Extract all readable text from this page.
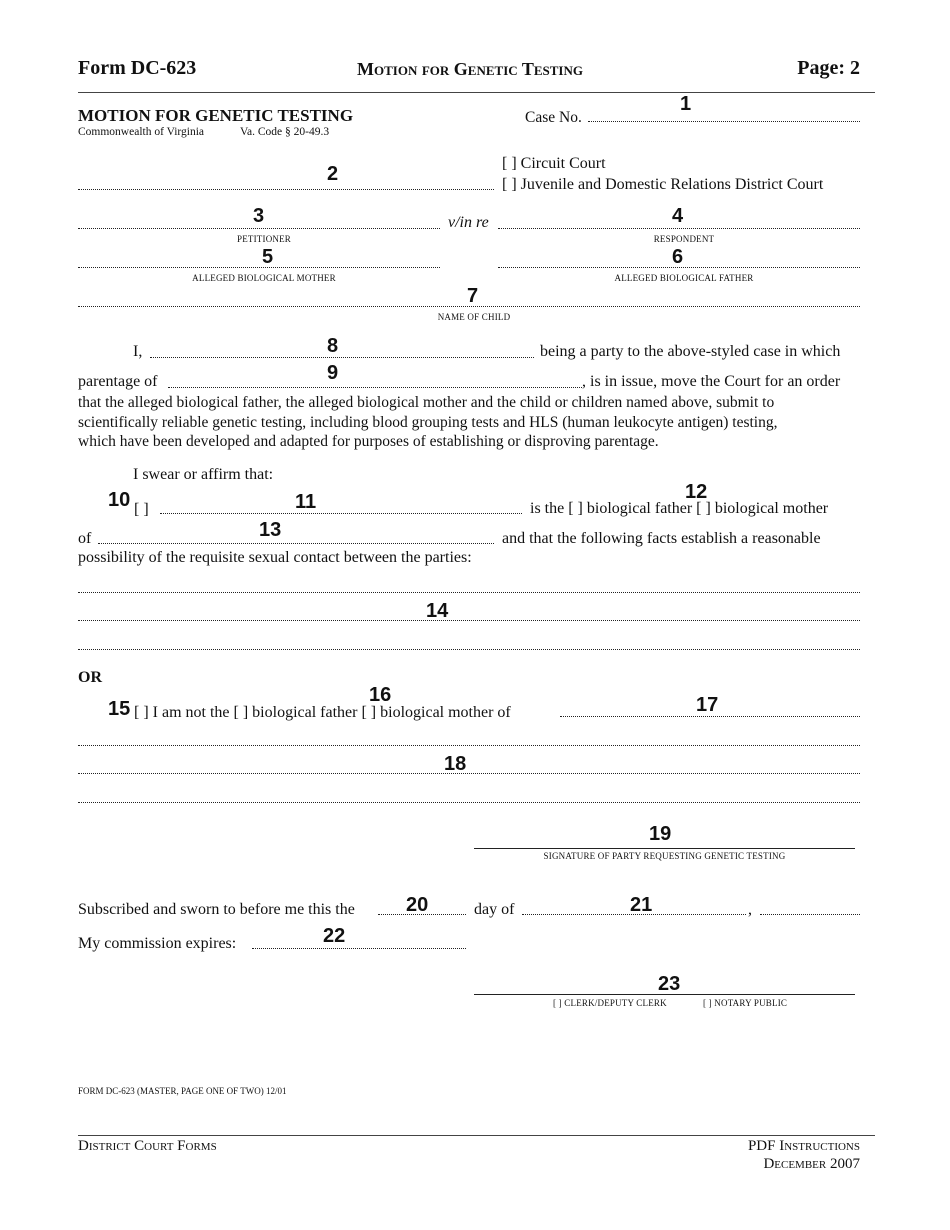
Form DC-623	Motion for Genetic Testing	Page: 2
MOTION FOR GENETIC TESTING
Commonwealth of Virginia	Va. Code § 20-49.3
Case No.
1
2	[ ] Circuit Court
[ ] Juvenile and Domestic Relations District Court
3
PETITIONER
v/in re	4
RESPONDENT
5
ALLEGED BIOLOGICAL MOTHER
6
ALLEGED BIOLOGICAL FATHER
7
NAME OF CHILD
I,	8	being a party to the above-styled case in which
parentage of	9	, is in issue, move the Court for an order
that the alleged biological father, the alleged biological mother and the child or children named above, submit to
scientifically reliable genetic testing, including blood grouping tests and HLS (human leukocyte antigen) testing,
which have been developed and adapted for purposes of establishing or disproving parentage.
I swear or affirm that:
10 [ ]	11	is the [ ] biological father [ ] biological mother
12
of	13	and that the following facts establish a reasonable
possibility of the requisite sexual contact between the parties:
14
OR
15
16
[ ] I am not the [ ] biological father [ ] biological mother of	17
18
19
SIGNATURE OF PARTY REQUESTING GENETIC TESTING
Subscribed and sworn to before me this the	20	day of	21	,
My commission expires:	22
23
[ ] CLERK/DEPUTY CLERK	[ ] NOTARY PUBLIC
FORM DC-623 (MASTER, PAGE ONE OF TWO) 12/01
District Court Forms	PDF Instructions
December 2007
